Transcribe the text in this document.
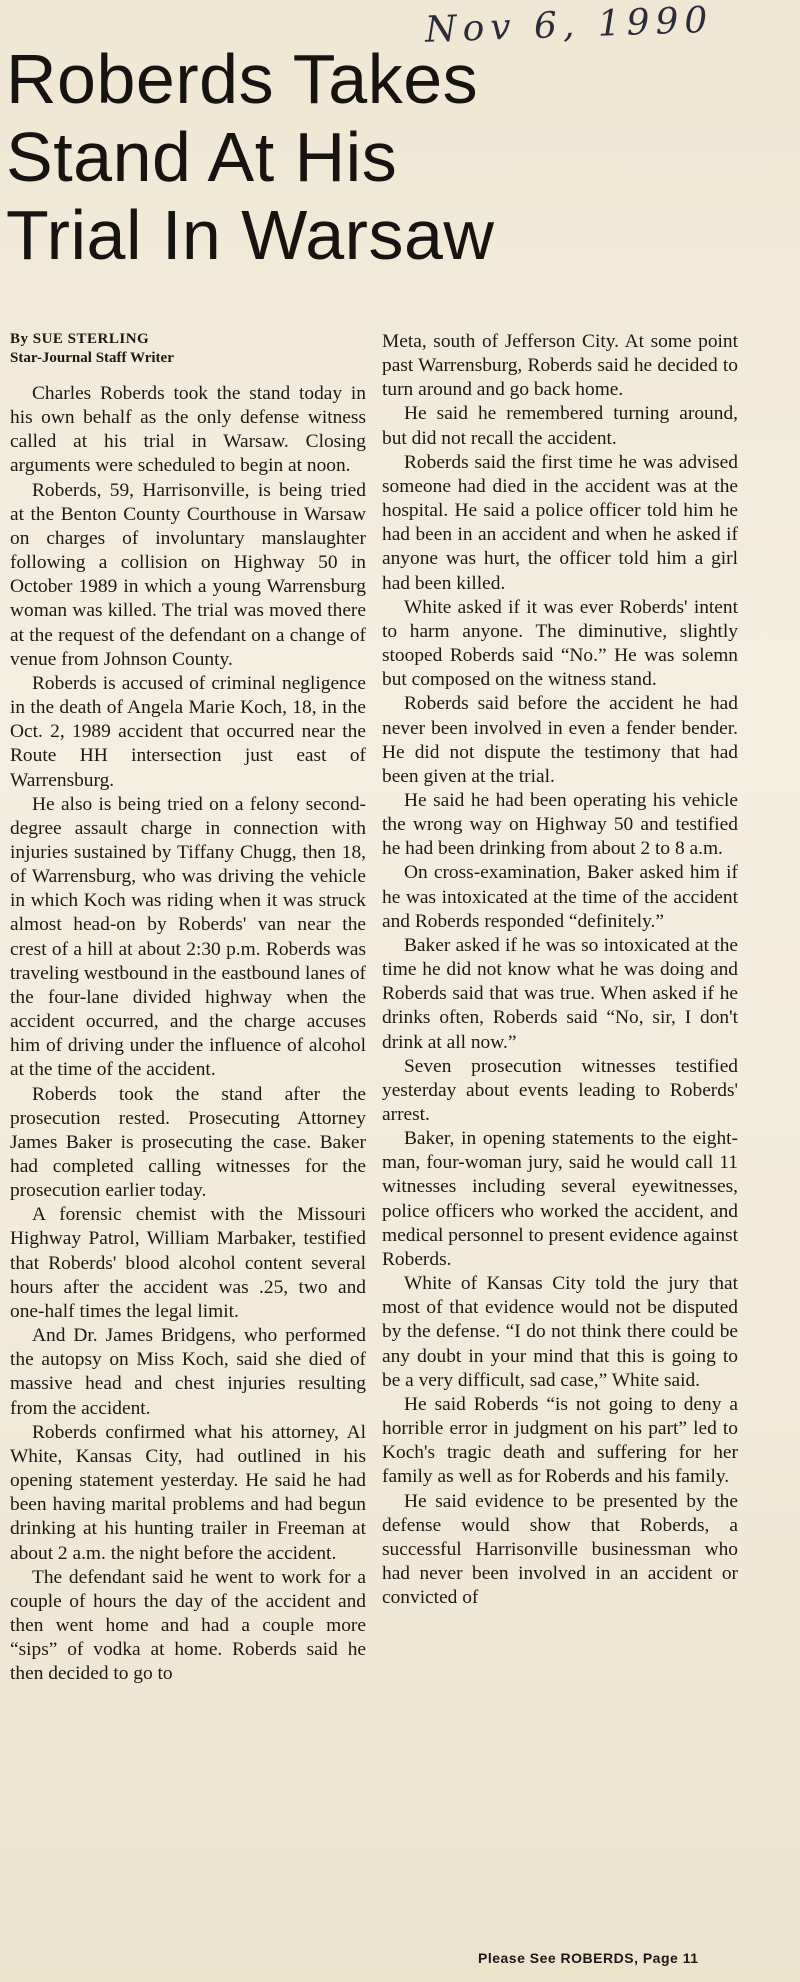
Nov 6, 1990
Roberds Takes
Stand At His
Trial In Warsaw
By SUE STERLING
Star-Journal Staff Writer

Charles Roberds took the stand today in his own behalf as the only defense witness called at his trial in Warsaw. Closing arguments were scheduled to begin at noon.

Roberds, 59, Harrisonville, is being tried at the Benton County Courthouse in Warsaw on charges of involuntary manslaughter following a collision on Highway 50 in October 1989 in which a young Warrensburg woman was killed. The trial was moved there at the request of the defendant on a change of venue from Johnson County.

Roberds is accused of criminal negligence in the death of Angela Marie Koch, 18, in the Oct. 2, 1989 accident that occurred near the Route HH intersection just east of Warrensburg.

He also is being tried on a felony second-degree assault charge in connection with injuries sustained by Tiffany Chugg, then 18, of Warrensburg, who was driving the vehicle in which Koch was riding when it was struck almost head-on by Roberds' van near the crest of a hill at about 2:30 p.m. Roberds was traveling westbound in the eastbound lanes of the four-lane divided highway when the accident occurred, and the charge accuses him of driving under the influence of alcohol at the time of the accident.

Roberds took the stand after the prosecution rested. Prosecuting Attorney James Baker is prosecuting the case. Baker had completed calling witnesses for the prosecution earlier today.

A forensic chemist with the Missouri Highway Patrol, William Marbaker, testified that Roberds' blood alcohol content several hours after the accident was .25, two and one-half times the legal limit.

And Dr. James Bridgens, who performed the autopsy on Miss Koch, said she died of massive head and chest injuries resulting from the accident.

Roberds confirmed what his attorney, Al White, Kansas City, had outlined in his opening statement yesterday. He said he had been having marital problems and had begun drinking at his hunting trailer in Freeman at about 2 a.m. the night before the accident.

The defendant said he went to work for a couple of hours the day of the accident and then went home and had a couple more “sips” of vodka at home. Roberds said he then decided to go to

Meta, south of Jefferson City. At some point past Warrensburg, Roberds said he decided to turn around and go back home.

He said he remembered turning around, but did not recall the accident.

Roberds said the first time he was advised someone had died in the accident was at the hospital. He said a police officer told him he had been in an accident and when he asked if anyone was hurt, the officer told him a girl had been killed.

White asked if it was ever Roberds' intent to harm anyone. The diminutive, slightly stooped Roberds said “No.” He was solemn but composed on the witness stand.

Roberds said before the accident he had never been involved in even a fender bender. He did not dispute the testimony that had been given at the trial.

He said he had been operating his vehicle the wrong way on Highway 50 and testified he had been drinking from about 2 to 8 a.m.

On cross-examination, Baker asked him if he was intoxicated at the time of the accident and Roberds responded “definitely.”

Baker asked if he was so intoxicated at the time he did not know what he was doing and Roberds said that was true. When asked if he drinks often, Roberds said “No, sir, I don't drink at all now.”

Seven prosecution witnesses testified yesterday about events leading to Roberds' arrest.

Baker, in opening statements to the eight-man, four-woman jury, said he would call 11 witnesses including several eyewitnesses, police officers who worked the accident, and medical personnel to present evidence against Roberds.

White of Kansas City told the jury that most of that evidence would not be disputed by the defense. “I do not think there could be any doubt in your mind that this is going to be a very difficult, sad case,” White said.

He said Roberds “is not going to deny a horrible error in judgment on his part” led to Koch's tragic death and suffering for her family as well as for Roberds and his family.

He said evidence to be presented by the defense would show that Roberds, a successful Harrisonville businessman who had never been involved in an accident or convicted of

Please See ROBERDS, Page 11
